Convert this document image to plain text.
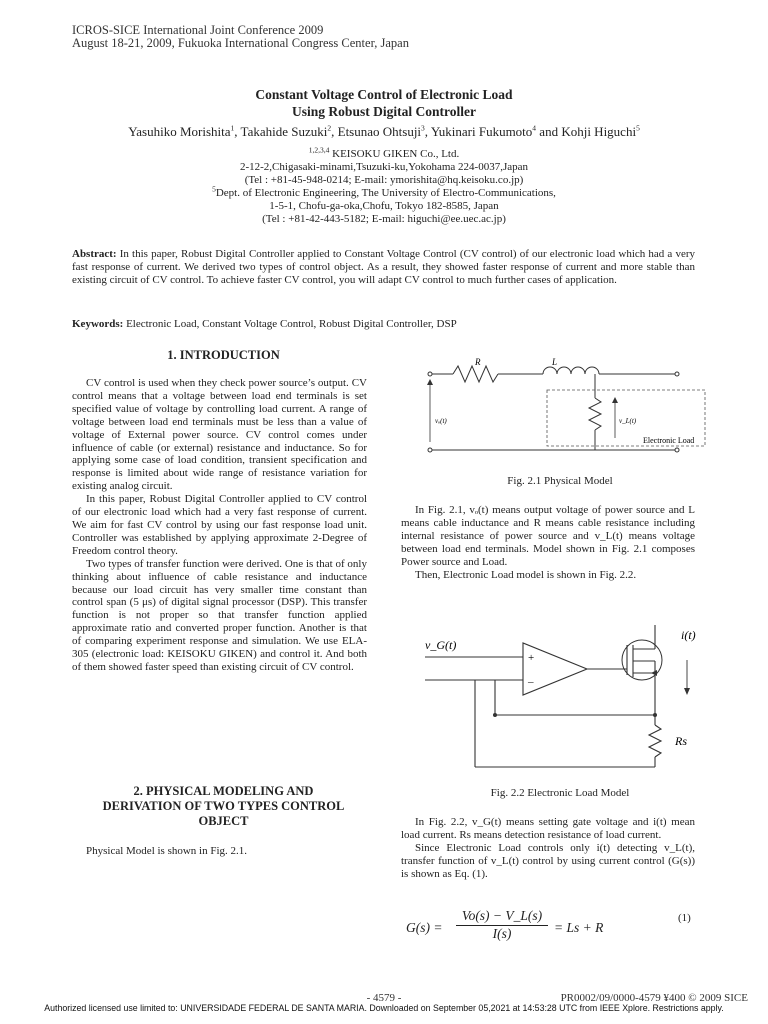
ICROS-SICE International Joint Conference 2009
August 18-21, 2009, Fukuoka International Congress Center, Japan
Constant Voltage Control of Electronic Load
Using Robust Digital Controller
Yasuhiko Morishita$^1$, Takahide Suzuki$^2$, Etsunao Ohtsuji$^3$, Yukinari Fukumoto$^4$ and Kohji Higuchi$^5$
$^{1,2,3,4}$ KEISOKU GIKEN Co., Ltd.
2-12-2,Chigasaki-minami,Tsuzuki-ku,Yokohama 224-0037,Japan
(Tel : +81-45-948-0214; E-mail: ymorishita@hq.keisoku.co.jp)
$^5$Dept. of Electronic Engineering, The University of Electro-Communications,
1-5-1, Chofu-ga-oka,Chofu, Tokyo 182-8585, Japan
(Tel : +81-42-443-5182; E-mail: higuchi@ee.uec.ac.jp)
Abstract: In this paper, Robust Digital Controller applied to Constant Voltage Control (CV control) of our electronic load which had a very fast response of current. We derived two types of control object. As a result, they showed faster response of current and more stable than existing circuit of CV control. To achieve faster CV control, you will adapt CV control to much further cases of application.
Keywords: Electronic Load, Constant Voltage Control, Robust Digital Controller, DSP
1. INTRODUCTION

CV control is used when they check power source’s output. CV control means that a voltage between load end terminals is set specified value of voltage by controlling load current. A range of voltage between load end terminals must be less than a value of voltage of External power source. CV control comes under influence of cable (or external) resistance and inductance. So for applying some case of load condition, transient specification and response is limited about wide range of resistance variation for existing analog circuit.

In this paper, Robust Digital Controller applied to CV control of our electronic load which had a very fast response of current. We aim for fast CV control by using our fast response load unit. Controller was established by applying approximate 2-Degree of Freedom control theory.

Two types of transfer function were derived. One is that of only thinking about influence of cable resistance and inductance because our load circuit has very smaller time constant than control span (5 μs) of digital signal processor (DSP). This transfer function is not proper so that transfer function applied approximate ratio and converted proper function. Another is that of comparing experiment response and simulation. We use ELA-305 (electronic load: KEISOKU GIKEN) and control it. And both of them showed faster speed than existing circuit of CV control.

2. PHYSICAL MODELING AND
DERIVATION OF TWO TYPES CONTROL
OBJECT

Physical Model is shown in Fig. 2.1.

R	L
vₒ(t)	v_L(t)
Electronic Load
Fig. 2.1 Physical Model

In Fig. 2.1, vₒ(t) means output voltage of power source and L means cable inductance and R means cable resistance including internal resistance of power source and v_L(t) means voltage between load end terminals. Model shown in Fig. 2.1 composes Power source and Load.

Then, Electronic Load model is shown in Fig. 2.2.

v_G(t)
i(t)
Rs
+
–
Fig. 2.2 Electronic Load Model

In Fig. 2.2, v_G(t) means setting gate voltage and i(t) mean load current. Rs means detection resistance of load current.

Since Electronic Load controls only i(t) detecting v_L(t), transfer function of v_L(t) control by using current control (G(s)) is shown as Eq. (1).

G(s) =
Vo(s) − V_L(s)
I(s)	= Ls + R
(1)
- 4579 -	PR0002/09/0000-4579 ¥400 © 2009 SICE
Authorized licensed use limited to: UNIVERSIDADE FEDERAL DE SANTA MARIA. Downloaded on September 05,2021 at 14:53:28 UTC from IEEE Xplore. Restrictions apply.
